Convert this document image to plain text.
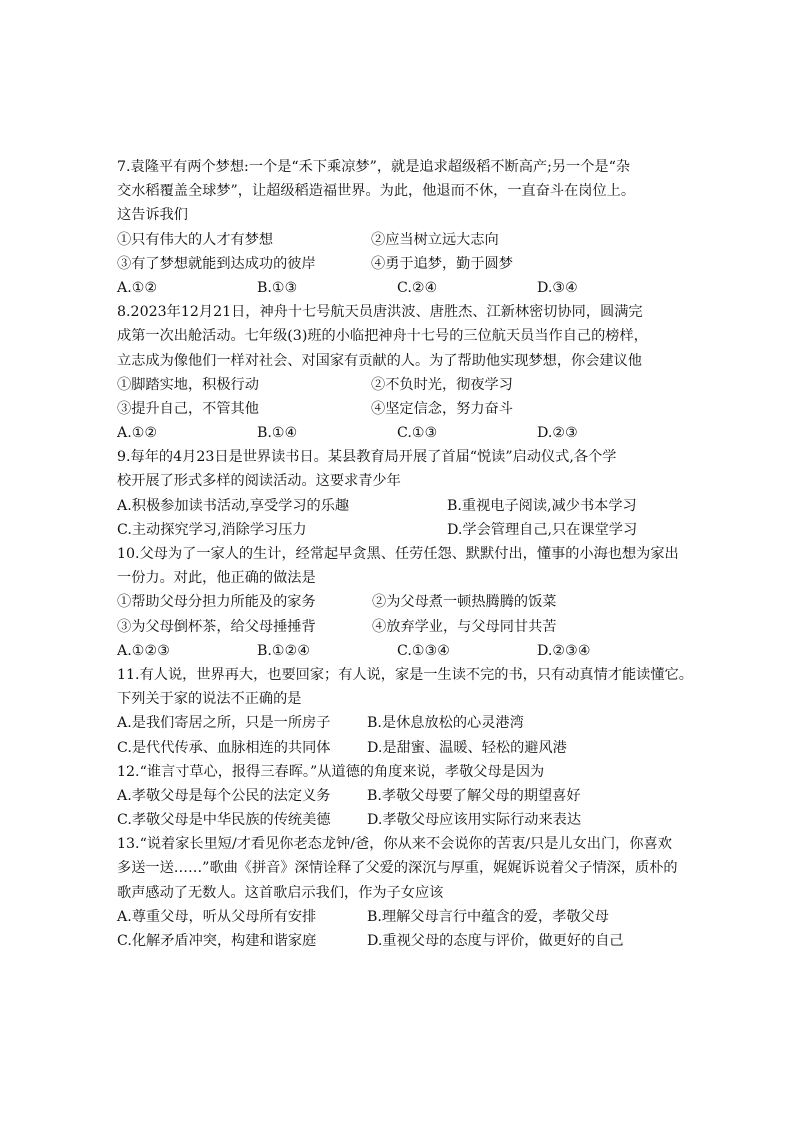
7.袁隆平有两个梦想:一个是“禾下乘凉梦”，就是追求超级稻不断高产;另一个是“杂
交水稻覆盖全球梦”，让超级稻造福世界。为此，他退而不休，一直奋斗在岗位上。
这告诉我们
①只有伟大的人才有梦想	②应当树立远大志向
③有了梦想就能到达成功的彼岸	④勇于追梦，勤于圆梦
A.①②	B.①③	C.②④	D.③④
8.2023年12月21日，神舟十七号航天员唐洪波、唐胜杰、江新林密切协同，圆满完
成第一次出舱活动。七年级(3)班的小临把神舟十七号的三位航天员当作自己的榜样，
立志成为像他们一样对社会、对国家有贡献的人。为了帮助他实现梦想，你会建议他
①脚踏实地，积极行动	②不负时光，彻夜学习
③提升自己，不管其他	④坚定信念，努力奋斗
A.①②	B.①④	C.①③	D.②③
9.每年的4月23日是世界读书日。某县教育局开展了首届“悦读”启动仪式,各个学
校开展了形式多样的阅读活动。这要求青少年
A.积极参加读书活动,享受学习的乐趣	B.重视电子阅读,减少书本学习
C.主动探究学习,消除学习压力	D.学会管理自己,只在课堂学习
10.父母为了一家人的生计，经常起早贪黑、任劳任怨、默默付出，懂事的小海也想为家出
一份力。对此，他正确的做法是
①帮助父母分担力所能及的家务	②为父母煮一顿热腾腾的饭菜
③为父母倒杯茶，给父母捶捶背	④放弃学业，与父母同甘共苦
A.①②③	B.①②④	C.①③④	D.②③④
11.有人说，世界再大，也要回家；有人说，家是一生读不完的书，只有动真情才能读懂它。
下列关于家的说法不正确的是
A.是我们寄居之所，只是一所房子	B.是休息放松的心灵港湾
C.是代代传承、血脉相连的共同体	D.是甜蜜、温暖、轻松的避风港
12.“谁言寸草心，报得三春晖。”从道德的角度来说，孝敬父母是因为
A.孝敬父母是每个公民的法定义务	B.孝敬父母要了解父母的期望喜好
C.孝敬父母是中华民族的传统美德	D.孝敬父母应该用实际行动来表达
13.“说着家长里短/才看见你老态龙钟/爸，你从来不会说你的苦衷/只是儿女出门，你喜欢
多送一送……”歌曲《拼音》深情诠释了父爱的深沉与厚重，娓娓诉说着父子情深，质朴的
歌声感动了无数人。这首歌启示我们，作为子女应该
A.尊重父母，听从父母所有安排	B.理解父母言行中蕴含的爱，孝敬父母
C.化解矛盾冲突，构建和谐家庭	D.重视父母的态度与评价，做更好的自己
